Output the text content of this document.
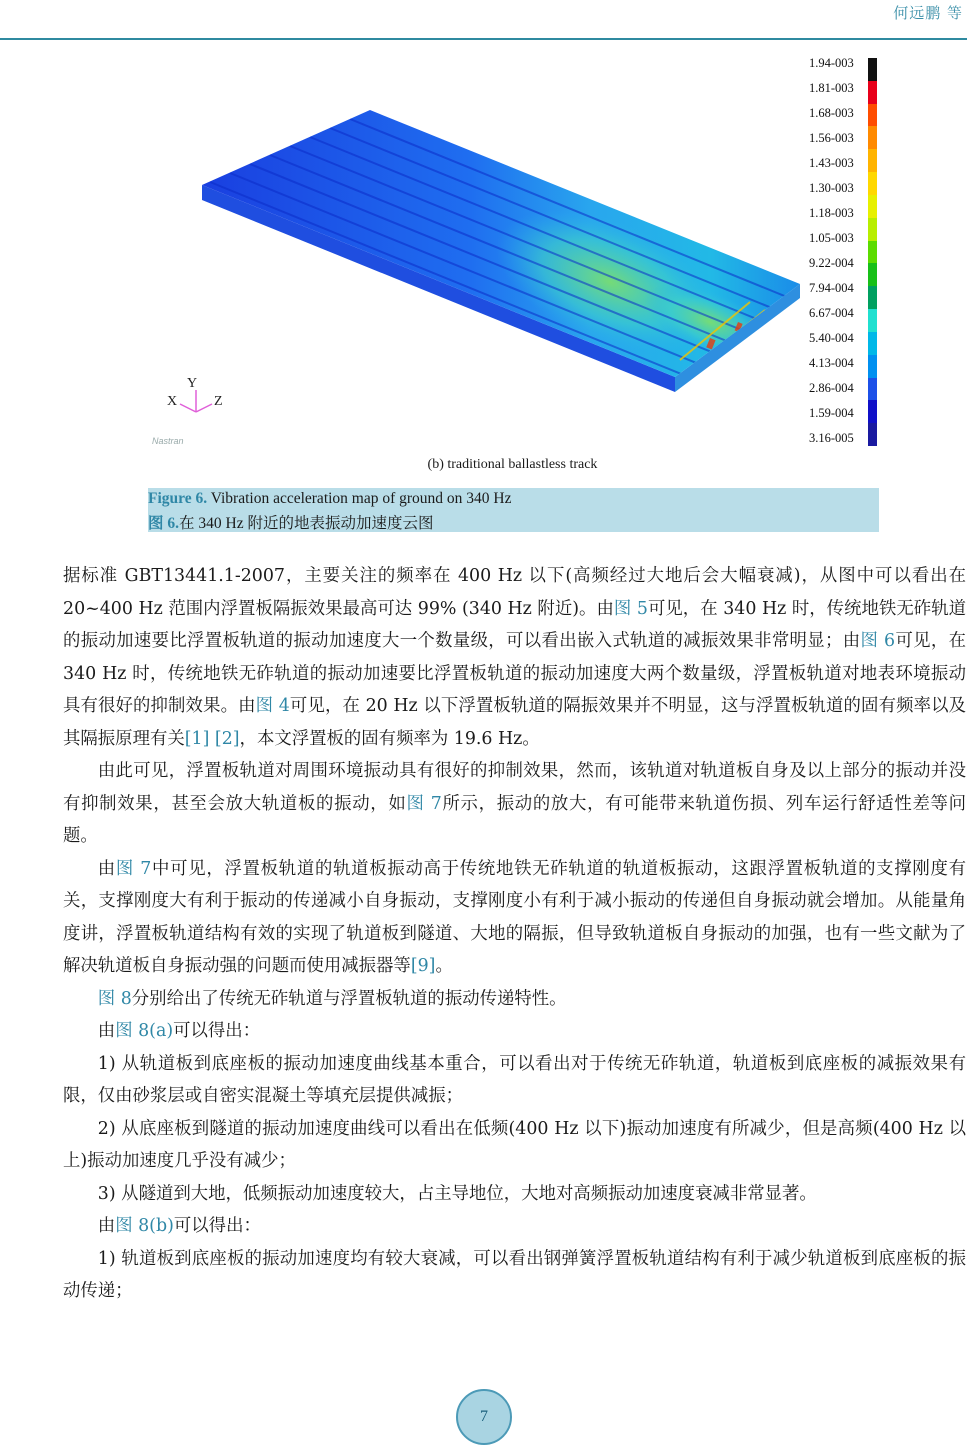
何远鹏 等
Nastran
Y
X	Z
1.94-003
1.81-003
1.68-003
1.56-003
1.43-003
1.30-003
1.18-003
1.05-003
9.22-004
7.94-004
6.67-004
5.40-004
4.13-004
2.86-004
1.59-004
3.16-005
(b) traditional ballastless track
Figure 6. Vibration acceleration map of ground on 340 Hz
图 6.在 340 Hz 附近的地表振动加速度云图

据标准 GBT13441.1-2007，主要关注的频率在 400 Hz 以下(高频经过大地后会大幅衰减)，从图中可以看出在 20~400 Hz 范围内浮置板隔振效果最高可达 99% (340 Hz 附近)。由图 5可见，在 340 Hz 时，传统地铁无砟轨道的振动加速要比浮置板轨道的振动加速度大一个数量级，可以看出嵌入式轨道的减振效果非常明显；由图 6可见，在 340 Hz 时，传统地铁无砟轨道的振动加速要比浮置板轨道的振动加速度大两个数量级，浮置板轨道对地表环境振动具有很好的抑制效果。由图 4可见，在 20 Hz 以下浮置板轨道的隔振效果并不明显，这与浮置板轨道的固有频率以及其隔振原理有关[1] [2]，本文浮置板的固有频率为 19.6 Hz。

由此可见，浮置板轨道对周围环境振动具有很好的抑制效果，然而，该轨道对轨道板自身及以上部分的振动并没有抑制效果，甚至会放大轨道板的振动，如图 7所示，振动的放大，有可能带来轨道伤损、列车运行舒适性差等问题。

由图 7中可见，浮置板轨道的轨道板振动高于传统地铁无砟轨道的轨道板振动，这跟浮置板轨道的支撑刚度有关，支撑刚度大有利于振动的传递减小自身振动，支撑刚度小有利于减小振动的传递但自身振动就会增加。从能量角度讲，浮置板轨道结构有效的实现了轨道板到隧道、大地的隔振，但导致轨道板自身振动的加强，也有一些文献为了解决轨道板自身振动强的问题而使用减振器等[9]。

图 8分别给出了传统无砟轨道与浮置板轨道的振动传递特性。

由图 8(a)可以得出：

1) 从轨道板到底座板的振动加速度曲线基本重合，可以看出对于传统无砟轨道，轨道板到底座板的减振效果有限，仅由砂浆层或自密实混凝土等填充层提供减振；

2) 从底座板到隧道的振动加速度曲线可以看出在低频(400 Hz 以下)振动加速度有所减少，但是高频(400 Hz 以上)振动加速度几乎没有减少；

3) 从隧道到大地，低频振动加速度较大，占主导地位，大地对高频振动加速度衰减非常显著。

由图 8(b)可以得出：

1) 轨道板到底座板的振动加速度均有较大衰减，可以看出钢弹簧浮置板轨道结构有利于减少轨道板到底座板的振动传递；

7
